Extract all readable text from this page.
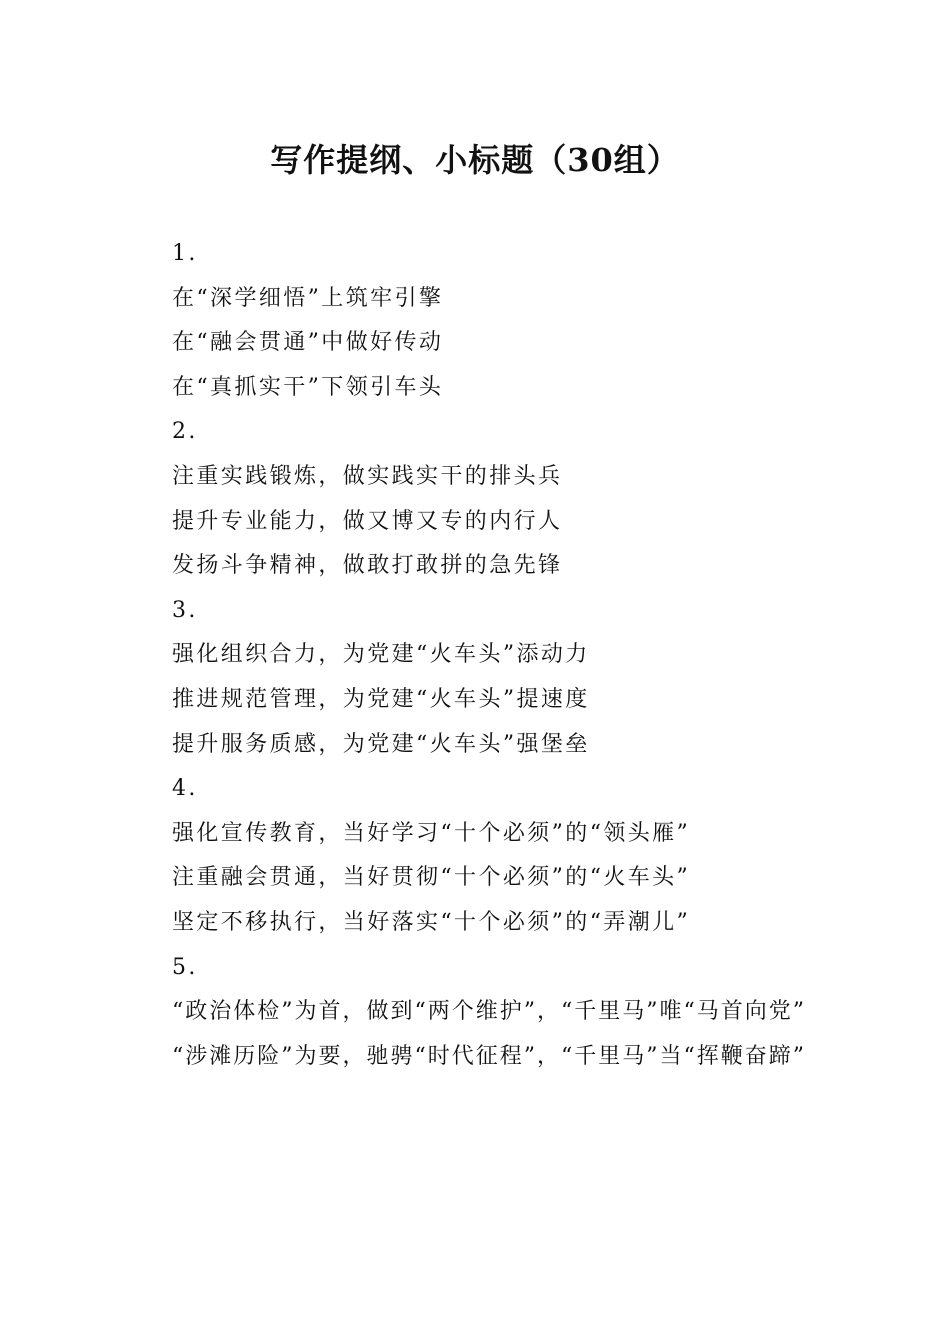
写作提纲、小标题（30组）
1.
在“深学细悟”上筑牢引擎
在“融会贯通”中做好传动
在“真抓实干”下领引车头
2.
注重实践锻炼，做实践实干的排头兵
提升专业能力，做又博又专的内行人
发扬斗争精神，做敢打敢拼的急先锋
3.
强化组织合力，为党建“火车头”添动力
推进规范管理，为党建“火车头”提速度
提升服务质感，为党建“火车头”强堡垒
4.
强化宣传教育，当好学习“十个必须”的“领头雁”
注重融会贯通，当好贯彻“十个必须”的“火车头”
坚定不移执行，当好落实“十个必须”的“弄潮儿”
5.
“政治体检”为首，做到“两个维护”，“千里马”唯“马首向党”
“涉滩历险”为要，驰骋“时代征程”，“千里马”当“挥鞭奋蹄”
